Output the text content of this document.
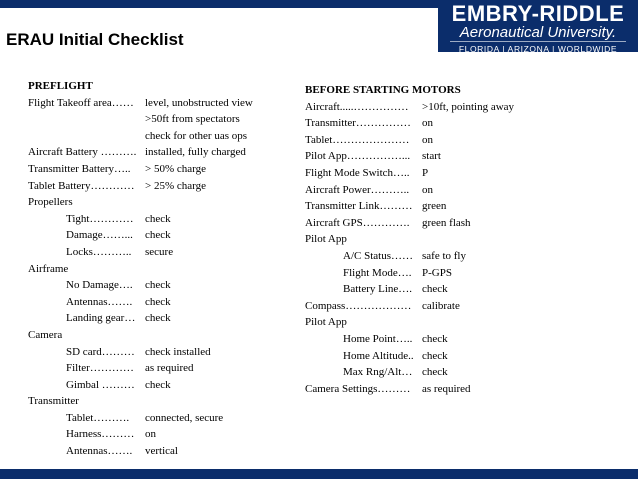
EMBRY-RIDDLE
Aeronautical University.
FLORIDA | ARIZONA | WORLDWIDE
ERAU Initial Checklist
PREFLIGHT
Flight Takeoff area……	level, unobstructed view
>50ft from spectators
check for other uas ops
Aircraft Battery ………. installed, fully charged
Transmitter Battery…..	> 50% charge
Tablet Battery………… > 25% charge
Propellers
Tight…………	check
Damage……...	check
Locks………..	secure
Airframe
No Damage….	check
Antennas…….	check
Landing gear… check
Camera
SD card……… check installed
Filter…………	as required
Gimbal ……… check
Transmitter
Tablet……….	connected, secure
Harness……… on
Antennas…….	vertical
BEFORE STARTING MOTORS
Aircraft.....……………	>10ft, pointing away
Transmitter……………	on
Tablet…………………	on
Pilot App……………...	start
Flight Mode Switch…..	P
Aircraft Power………..	on
Transmitter Link……… green
Aircraft GPS………….	green flash
Pilot App
A/C Status…… safe to fly
Flight Mode…. P-GPS
Battery Line…. check
Compass……………… calibrate
Pilot App
Home Point….. check
Home Altitude.. check
Max Rng/Alt… check
Camera Settings………	as required
